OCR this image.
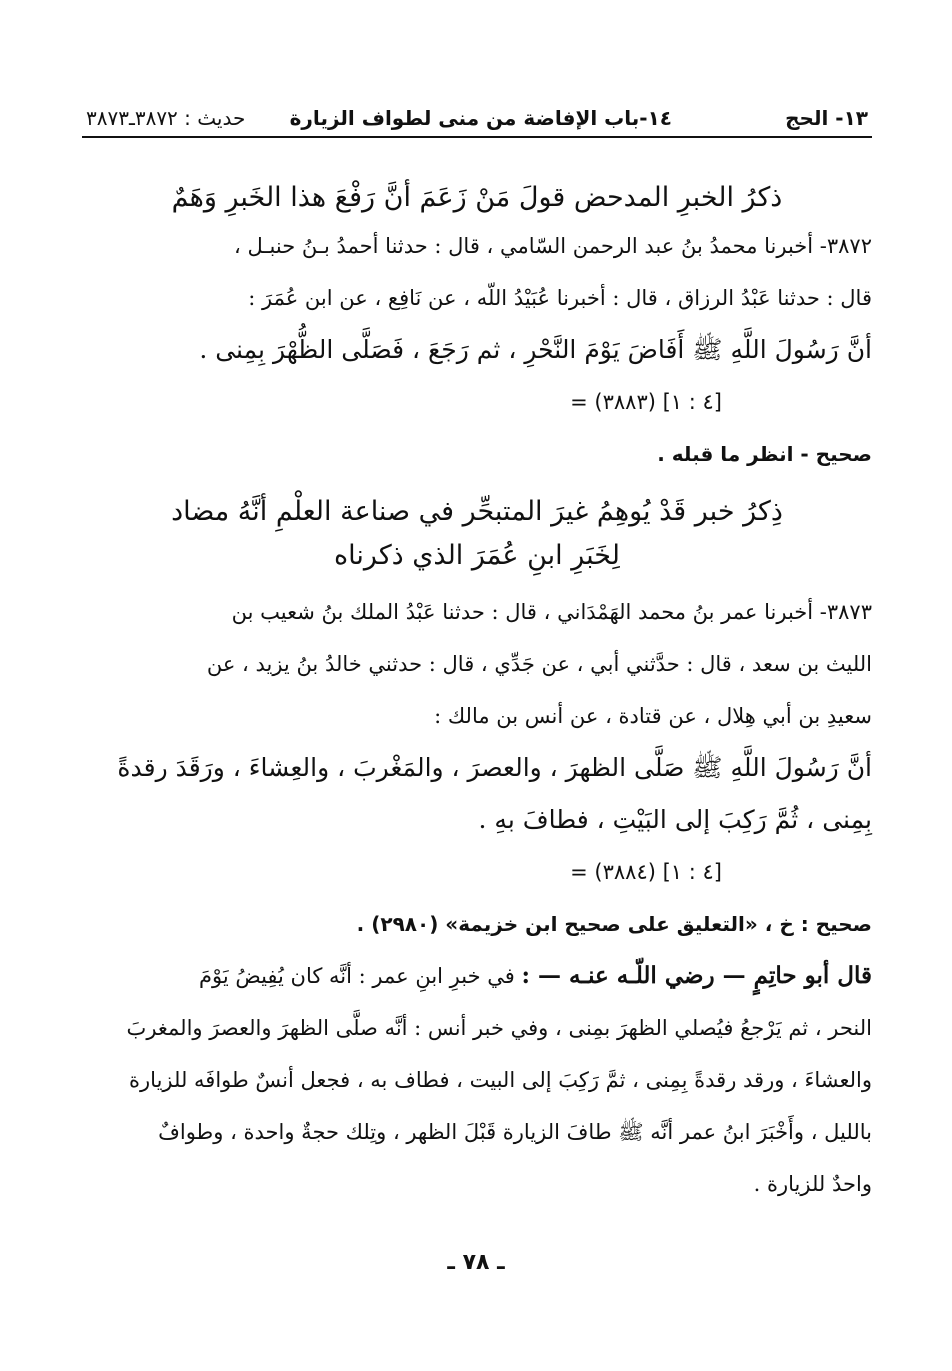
١٣- الحج
١٤-باب الإفاضة من منى لطواف الزيارة
حديث : ٣٨٧٢ـ٣٨٧٣

ذكرُ الخبرِ المدحض قولَ مَنْ زَعَمَ أنَّ رَفْعَ هذا الخَبرِ وَهَمٌ

٣٨٧٢- أخبرنا محمدُ بنُ عبد الرحمن السّامي ، قال : حدثنا أحمدُ بـنُ حنبـل ،

قال : حدثنا عَبْدُ الرزاق ، قال : أخبرنا عُبَيْدُ اللّه ، عن نَافِع ، عن ابن عُمَرَ :

أنَّ رَسُولَ اللَّهِ ﷺ أَفَاضَ يَوْمَ النَّحْرِ ، ثم رَجَعَ ، فَصَلَّى الظُّهْرَ بِمِنى .

= (٣٨٨٣) [٤ : ١]

صحيح - انظر ما قبله .

ذِكرُ خبر قَدْ يُوهِمُ غيرَ المتبحِّر في صناعة العلْمِ أنَّهُ مضاد

لِخَبَرِ ابنِ عُمَرَ الذي ذكرناه

٣٨٧٣- أخبرنا عمر بنُ محمد الهَمْدَاني ، قال : حدثنا عَبْدُ الملك بنُ شعيب بن

الليث بن سعد ، قال : حدَّثني أبي ، عن جَدِّي ، قال : حدثني خالدُ بنُ يزيد ، عن

سعيدِ بن أبي هِلال ، عن قتادة ، عن أنس بن مالك :

أنَّ رَسُولَ اللَّهِ ﷺ صَلَّى الظهرَ ، والعصرَ ، والمَغْربَ ، والعِشاءَ ، ورَقَدَ رقدةً

بِمِنى ، ثُمَّ رَكِبَ إلى البَيْتِ ، فطافَ بهِ .

= (٣٨٨٤) [٤ : ١]

صحيح : خ ، «التعليق على صحيح ابن خزيمة» (٢٩٨٠) .

قال أبو حاتِمٍ — رضي اللّـه عنـه — : في خبرِ ابنِ عمر : أنَّه كان يُفِيضُ يَوْمَ

النحر ، ثم يَرْجعُ فيُصلي الظهرَ بمِنى ، وفي خبر أنس : أنَّه صلَّى الظهرَ والعصرَ والمغربَ

والعشاءَ ، ورقد رقدةً بِمِنى ، ثمَّ رَكِبَ إلى البيت ، فطاف به ، فجعل أنسٌ طوافَه للزيارة

بالليل ، وأَخْبَرَ ابنُ عمر أنَّه ﷺ طافَ الزيارة قَبْلَ الظهر ، وتِلك حجةٌ واحدة ، وطوافٌ

واحدٌ للزيارة .

ـ ٧٨ ـ
